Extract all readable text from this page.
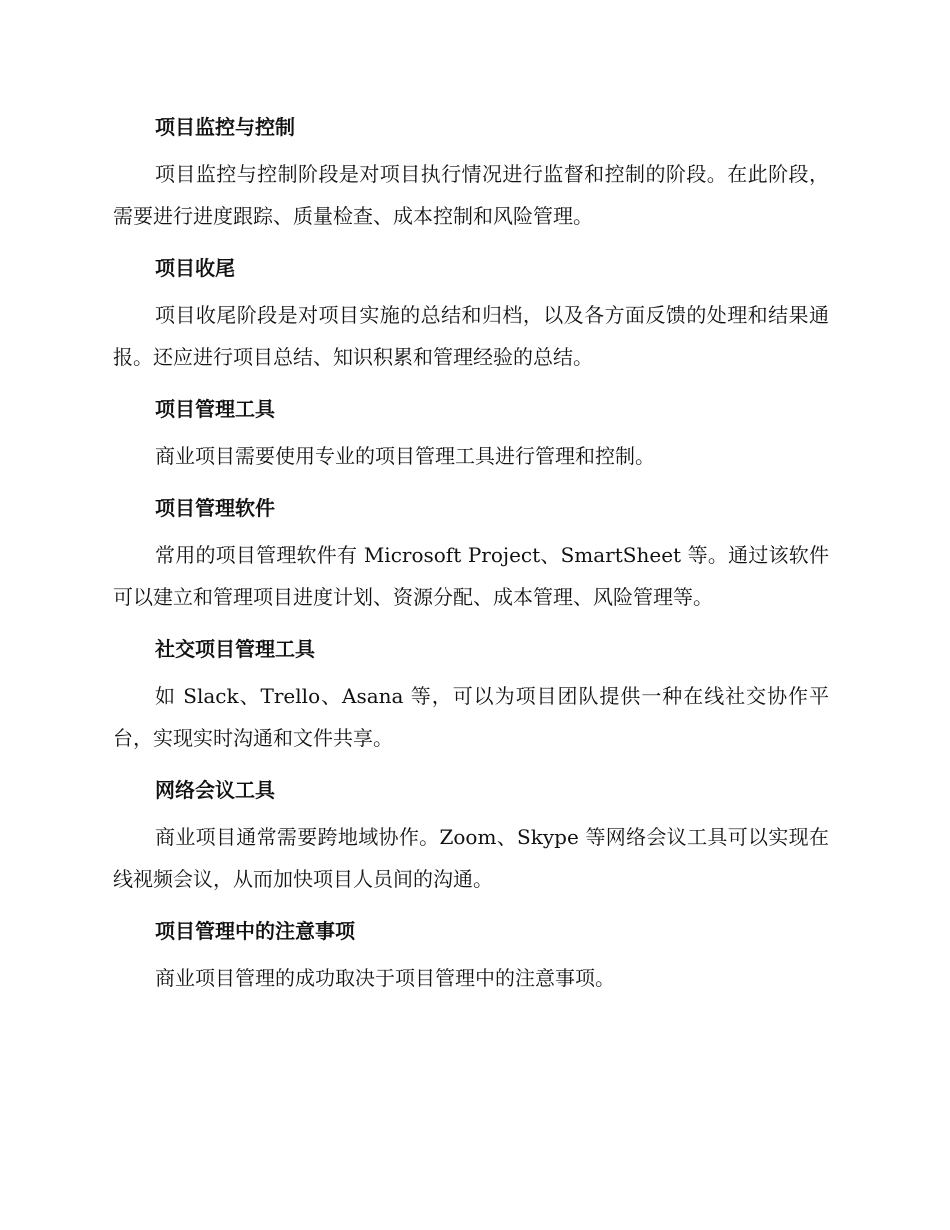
项目监控与控制
项目监控与控制阶段是对项目执行情况进行监督和控制的阶段。在此阶段，需要进行进度跟踪、质量检查、成本控制和风险管理。
项目收尾
项目收尾阶段是对项目实施的总结和归档，以及各方面反馈的处理和结果通报。还应进行项目总结、知识积累和管理经验的总结。
项目管理工具
商业项目需要使用专业的项目管理工具进行管理和控制。
项目管理软件
常用的项目管理软件有 Microsoft Project、SmartSheet 等。通过该软件可以建立和管理项目进度计划、资源分配、成本管理、风险管理等。
社交项目管理工具
如 Slack、Trello、Asana 等，可以为项目团队提供一种在线社交协作平台，实现实时沟通和文件共享。
网络会议工具
商业项目通常需要跨地域协作。Zoom、Skype 等网络会议工具可以实现在线视频会议，从而加快项目人员间的沟通。
项目管理中的注意事项
商业项目管理的成功取决于项目管理中的注意事项。
